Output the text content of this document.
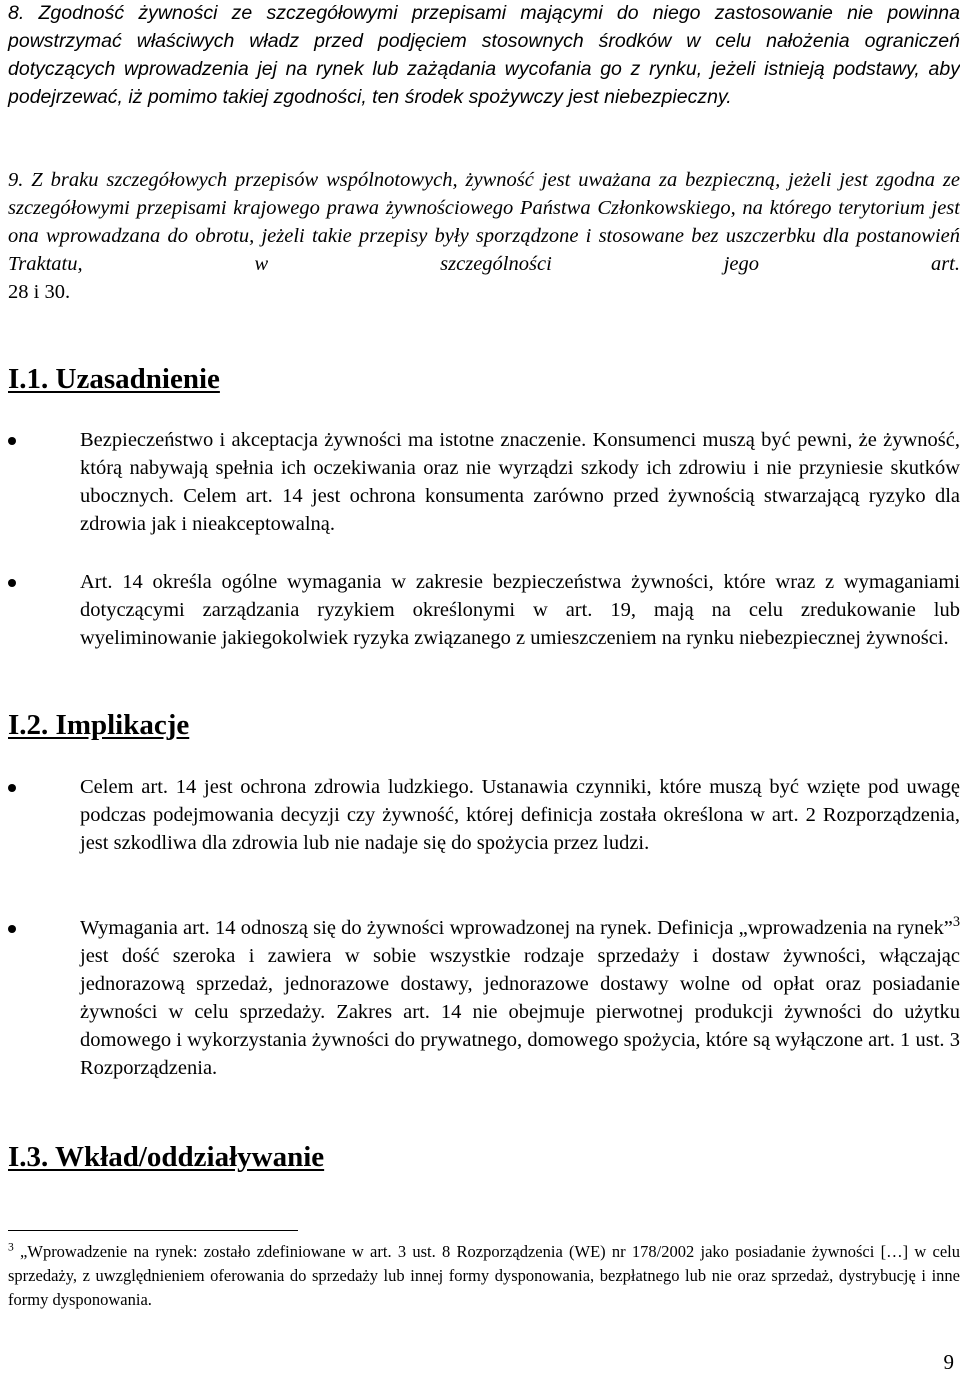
8. Zgodność żywności ze szczegółowymi przepisami mającymi do niego zastosowanie nie powinna powstrzymać właściwych władz przed podjęciem stosownych środków w celu nałożenia ograniczeń dotyczących wprowadzenia jej na rynek lub zażądania wycofania go z rynku, jeżeli istnieją podstawy, aby podejrzewać, iż pomimo takiej zgodności, ten środek spożywczy jest niebezpieczny.

9. Z braku szczegółowych przepisów wspólnotowych, żywność jest uważana za bezpieczną, jeżeli jest zgodna ze szczegółowymi przepisami krajowego prawa żywnościowego Państwa Członkowskiego, na którego terytorium jest ona wprowadzana do obrotu, jeżeli takie przepisy były sporządzone i stosowane bez uszczerbku dla postanowień Traktatu, w szczególności jego art.

28 i 30.

I.1. Uzasadnienie
Bezpieczeństwo i akceptacja żywności ma istotne znaczenie. Konsumenci muszą być pewni, że żywność, którą nabywają spełnia ich oczekiwania oraz nie wyrządzi szkody ich zdrowiu i nie przyniesie skutków ubocznych. Celem art. 14 jest ochrona konsumenta zarówno przed żywnością stwarzającą ryzyko dla zdrowia jak i nieakceptowalną.
Art. 14 określa ogólne wymagania w zakresie bezpieczeństwa żywności, które wraz z wymaganiami dotyczącymi zarządzania ryzykiem określonymi w art. 19, mają na celu zredukowanie lub wyeliminowanie jakiegokolwiek ryzyka związanego z umieszczeniem na rynku niebezpiecznej żywności.
I.2. Implikacje
Celem art. 14 jest ochrona zdrowia ludzkiego. Ustanawia czynniki, które muszą być wzięte pod uwagę podczas podejmowania decyzji czy żywność, której definicja została określona w art. 2 Rozporządzenia, jest szkodliwa dla zdrowia lub nie nadaje się do spożycia przez ludzi.
Wymagania art. 14 odnoszą się do żywności wprowadzonej na rynek. Definicja „wprowadzenia na rynek”$^3$ jest dość szeroka i zawiera w sobie wszystkie rodzaje sprzedaży i dostaw żywności, włączając jednorazową sprzedaż, jednorazowe dostawy, jednorazowe dostawy wolne od opłat oraz posiadanie żywności w celu sprzedaży. Zakres art. 14 nie obejmuje pierwotnej produkcji żywności do użytku domowego i wykorzystania żywności do prywatnego, domowego spożycia, które są wyłączone art. 1 ust. 3 Rozporządzenia.
I.3. Wkład/oddziaływanie

$^3$ „Wprowadzenie na rynek: zostało zdefiniowane w art. 3 ust. 8 Rozporządzenia (WE) nr 178/2002 jako posiadanie żywności […] w celu sprzedaży, z uwzględnieniem oferowania do sprzedaży lub innej formy dysponowania, bezpłatnego lub nie oraz sprzedaż, dystrybucję i inne formy dysponowania.

9
